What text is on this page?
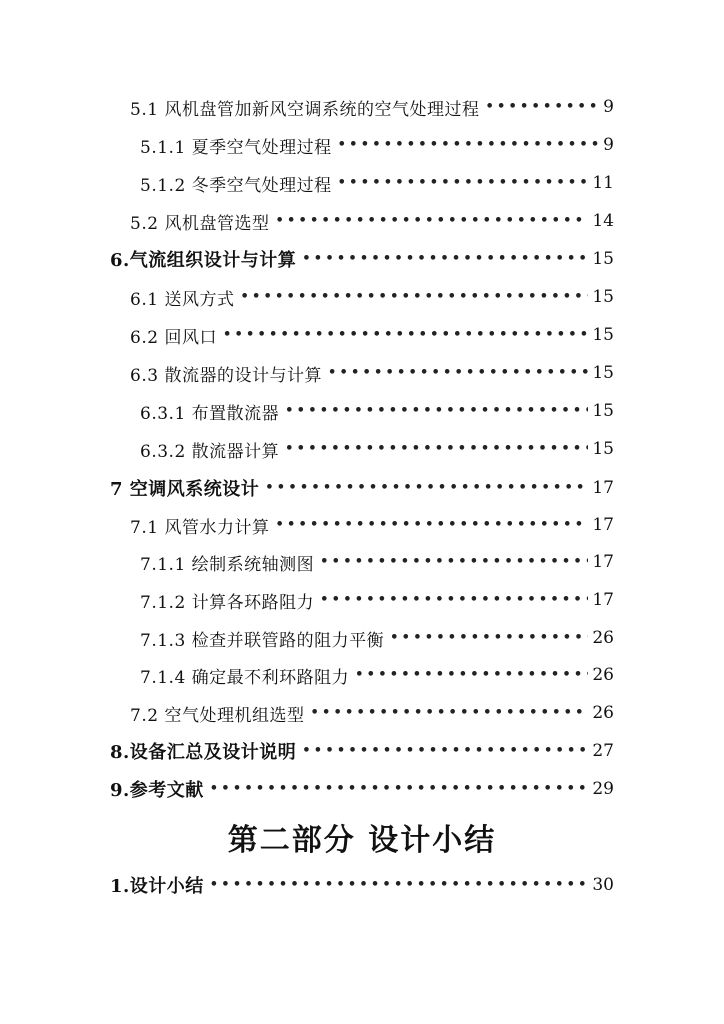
5.1 风机盘管加新风空调系统的空气处理过程 •••••	9
5.1.1 夏季空气处理过程 •••••	9
5.1.2 冬季空气处理过程 •••••	11
5.2 风机盘管选型 •••••	14
6.气流组织设计与计算 •••••	15
6.1 送风方式 •••••	15
6.2 回风口 •••••	15
6.3 散流器的设计与计算 •••••	15
6.3.1 布置散流器 •••••	15
6.3.2 散流器计算 •••••	15
7 空调风系统设计 •••••	17
7.1 风管水力计算 •••••	17
7.1.1 绘制系统轴测图 •••••	17
7.1.2 计算各环路阻力 •••••	17
7.1.3 检查并联管路的阻力平衡 •••••	26
7.1.4 确定最不利环路阻力 •••••	26
7.2 空气处理机组选型 •••••	26
8.设备汇总及设计说明 •••••	27
9.参考文献 •••••	29
第二部分 设计小结
1.设计小结 •••••	30
